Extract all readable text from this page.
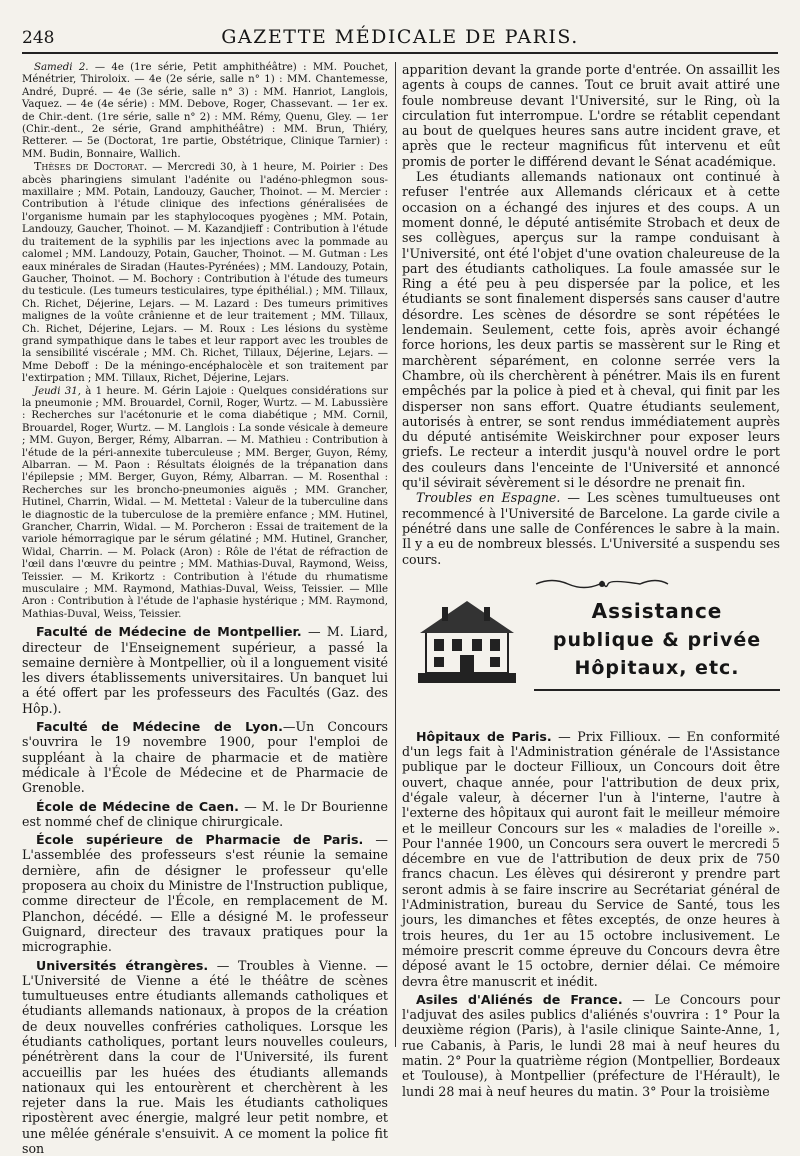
248	GAZETTE MÉDICALE DE PARIS.

Samedi 2. — 4e (1re série, Petit amphithéâtre) : MM. Pouchet, Ménétrier, Thiroloix. — 4e (2e série, salle n° 1) : MM. Chantemesse, André, Dupré. — 4e (3e série, salle n° 3) : MM. Hanriot, Langlois, Vaquez. — 4e (4e série) : MM. Debove, Roger, Chassevant. — 1er ex. de Chir.-dent. (1re série, salle n° 2) : MM. Rémy, Quenu, Gley. — 1er (Chir.-dent., 2e série, Grand amphithéâtre) : MM. Brun, Thiéry, Retterer. — 5e (Doctorat, 1re partie, Obstétrique, Clinique Tarnier) : MM. Budin, Bonnaire, Wallich.

Thèses de Doctorat. — Mercredi 30, à 1 heure, M. Poirier : Des abcès pharingiens simulant l'adénite ou l'adéno-phlegmon sous-maxillaire ; MM. Potain, Landouzy, Gaucher, Thoinot. — M. Mercier : Contribution à l'étude clinique des infections généralisées de l'organisme humain par les staphylocoques pyogènes ; MM. Potain, Landouzy, Gaucher, Thoinot. — M. Kazandjieff : Contribution à l'étude du traitement de la syphilis par les injections avec la pommade au calomel ; MM. Landouzy, Potain, Gaucher, Thoinot. — M. Gutman : Les eaux minérales de Siradan (Hautes-Pyrénées) ; MM. Landouzy, Potain, Gaucher, Thoinot. — M. Bochory : Contribution à l'étude des tumeurs du testicule. (Les tumeurs testiculaires, type épithélial.) ; MM. Tillaux, Ch. Richet, Déjerine, Lejars. — M. Lazard : Des tumeurs primitives malignes de la voûte crânienne et de leur traitement ; MM. Tillaux, Ch. Richet, Déjerine, Lejars. — M. Roux : Les lésions du système grand sympathique dans le tabes et leur rapport avec les troubles de la sensibilité viscérale ; MM. Ch. Richet, Tillaux, Déjerine, Lejars. — Mme Deboff : De la méningo-encéphalocèle et son traitement par l'extirpation ; MM. Tillaux, Richet, Déjerine, Lejars.

Jeudi 31, à 1 heure. M. Gérin Lajoie : Quelques considérations sur la pneumonie ; MM. Brouardel, Cornil, Roger, Wurtz. — M. Labussière : Recherches sur l'acétonurie et le coma diabétique ; MM. Cornil, Brouardel, Roger, Wurtz. — M. Langlois : La sonde vésicale à demeure ; MM. Guyon, Berger, Rémy, Albarran. — M. Mathieu : Contribution à l'étude de la péri-annexite tuberculeuse ; MM. Berger, Guyon, Rémy, Albarran. — M. Paon : Résultats éloignés de la trépanation dans l'épilepsie ; MM. Berger, Guyon, Rémy, Albarran. — M. Rosenthal : Recherches sur les broncho-pneumonies aiguës ; MM. Grancher, Hutinel, Charrin, Widal. — M. Mettetal : Valeur de la tuberculine dans le diagnostic de la tuberculose de la première enfance ; MM. Hutinel, Grancher, Charrin, Widal. — M. Porcheron : Essai de traitement de la variole hémorragique par le sérum gélatiné ; MM. Hutinel, Grancher, Widal, Charrin. — M. Polack (Aron) : Rôle de l'état de réfraction de l'œil dans l'œuvre du peintre ; MM. Mathias-Duval, Raymond, Weiss, Teissier. — M. Krikortz : Contribution à l'étude du rhumatisme musculaire ; MM. Raymond, Mathias-Duval, Weiss, Teissier. — Mlle Aron : Contribution à l'étude de l'aphasie hystérique ; MM. Raymond, Mathias-Duval, Weiss, Teissier.

Faculté de Médecine de Montpellier. — M. Liard, directeur de l'Enseignement supérieur, a passé la semaine dernière à Montpellier, où il a longuement visité les divers établissements universitaires. Un banquet lui a été offert par les professeurs des Facultés (Gaz. des Hôp.).

Faculté de Médecine de Lyon.—Un Concours s'ouvrira le 19 novembre 1900, pour l'emploi de suppléant à la chaire de pharmacie et de matière médicale à l'École de Médecine et de Pharmacie de Grenoble.

École de Médecine de Caen. — M. le Dr Bourienne est nommé chef de clinique chirurgicale.

École supérieure de Pharmacie de Paris. — L'assemblée des professeurs s'est réunie la semaine dernière, afin de désigner le professeur qu'elle proposera au choix du Ministre de l'Instruction publique, comme directeur de l'École, en remplacement de M. Planchon, décédé. — Elle a désigné M. le professeur Guignard, directeur des travaux pratiques pour la micrographie.

Universités étrangères. — Troubles à Vienne. —L'Université de Vienne a été le théâtre de scènes tumultueuses entre étudiants allemands catholiques et étudiants allemands nationaux, à propos de la création de deux nouvelles confréries catholiques. Lorsque les étudiants catholiques, portant leurs nouvelles couleurs, pénétrèrent dans la cour de l'Université, ils furent accueillis par les huées des étudiants allemands nationaux qui les entourèrent et cherchèrent à les rejeter dans la rue. Mais les étudiants catholiques ripostèrent avec énergie, malgré leur petit nombre, et une mêlée générale s'ensuivit. A ce moment la police fit son

apparition devant la grande porte d'entrée. On assaillit les agents à coups de cannes. Tout ce bruit avait attiré une foule nombreuse devant l'Université, sur le Ring, où la circulation fut interrompue. L'ordre se rétablit cependant au bout de quelques heures sans autre incident grave, et après que le recteur magnificus fût intervenu et eût promis de porter le différend devant le Sénat académique.

Les étudiants allemands nationaux ont continué à refuser l'entrée aux Allemands cléricaux et à cette occasion on a échangé des injures et des coups. A un moment donné, le député antisémite Strobach et deux de ses collègues, aperçus sur la rampe conduisant à l'Université, ont été l'objet d'une ovation chaleureuse de la part des étudiants catholiques. La foule amassée sur le Ring a été peu à peu dispersée par la police, et les étudiants se sont finalement dispersés sans causer d'autre désordre. Les scènes de désordre se sont répétées le lendemain. Seulement, cette fois, après avoir échangé force horions, les deux partis se massèrent sur le Ring et marchèrent séparément, en colonne serrée vers la Chambre, où ils cherchèrent à pénétrer. Mais ils en furent empêchés par la police à pied et à cheval, qui finit par les disperser non sans effort. Quatre étudiants seulement, autorisés à entrer, se sont rendus immédiatement auprès du député antisémite Weiskirchner pour exposer leurs griefs. Le recteur a interdit jusqu'à nouvel ordre le port des couleurs dans l'enceinte de l'Université et annoncé qu'il sévirait sévèrement si le désordre ne prenait fin.

Troubles en Espagne. — Les scènes tumultueuses ont recommencé à l'Université de Barcelone. La garde civile a pénétré dans une salle de Conférences le sabre à la main. Il y a eu de nombreux blessés. L'Université a suspendu ses cours.

Assistance
publique & privée
Hôpitaux, etc.

Hôpitaux de Paris. — Prix Fillioux. — En conformité d'un legs fait à l'Administration générale de l'Assistance publique par le docteur Fillioux, un Concours doit être ouvert, chaque année, pour l'attribution de deux prix, d'égale valeur, à décerner l'un à l'interne, l'autre à l'externe des hôpitaux qui auront fait le meilleur mémoire et le meilleur Concours sur les « maladies de l'oreille ». Pour l'année 1900, un Concours sera ouvert le mercredi 5 décembre en vue de l'attribution de deux prix de 750 francs chacun. Les élèves qui désireront y prendre part seront admis à se faire inscrire au Secrétariat général de l'Administration, bureau du Service de Santé, tous les jours, les dimanches et fêtes exceptés, de onze heures à trois heures, du 1er au 15 octobre inclusivement. Le mémoire prescrit comme épreuve du Concours devra être déposé avant le 15 octobre, dernier délai. Ce mémoire devra être manuscrit et inédit.

Asiles d'Aliénés de France. — Le Concours pour l'adjuvat des asiles publics d'aliénés s'ouvrira : 1° Pour la deuxième région (Paris), à l'asile clinique Sainte-Anne, 1, rue Cabanis, à Paris, le lundi 28 mai à neuf heures du matin. 2° Pour la quatrième région (Montpellier, Bordeaux et Toulouse), à Montpellier (préfecture de l'Hérault), le lundi 28 mai à neuf heures du matin. 3° Pour la troisième
